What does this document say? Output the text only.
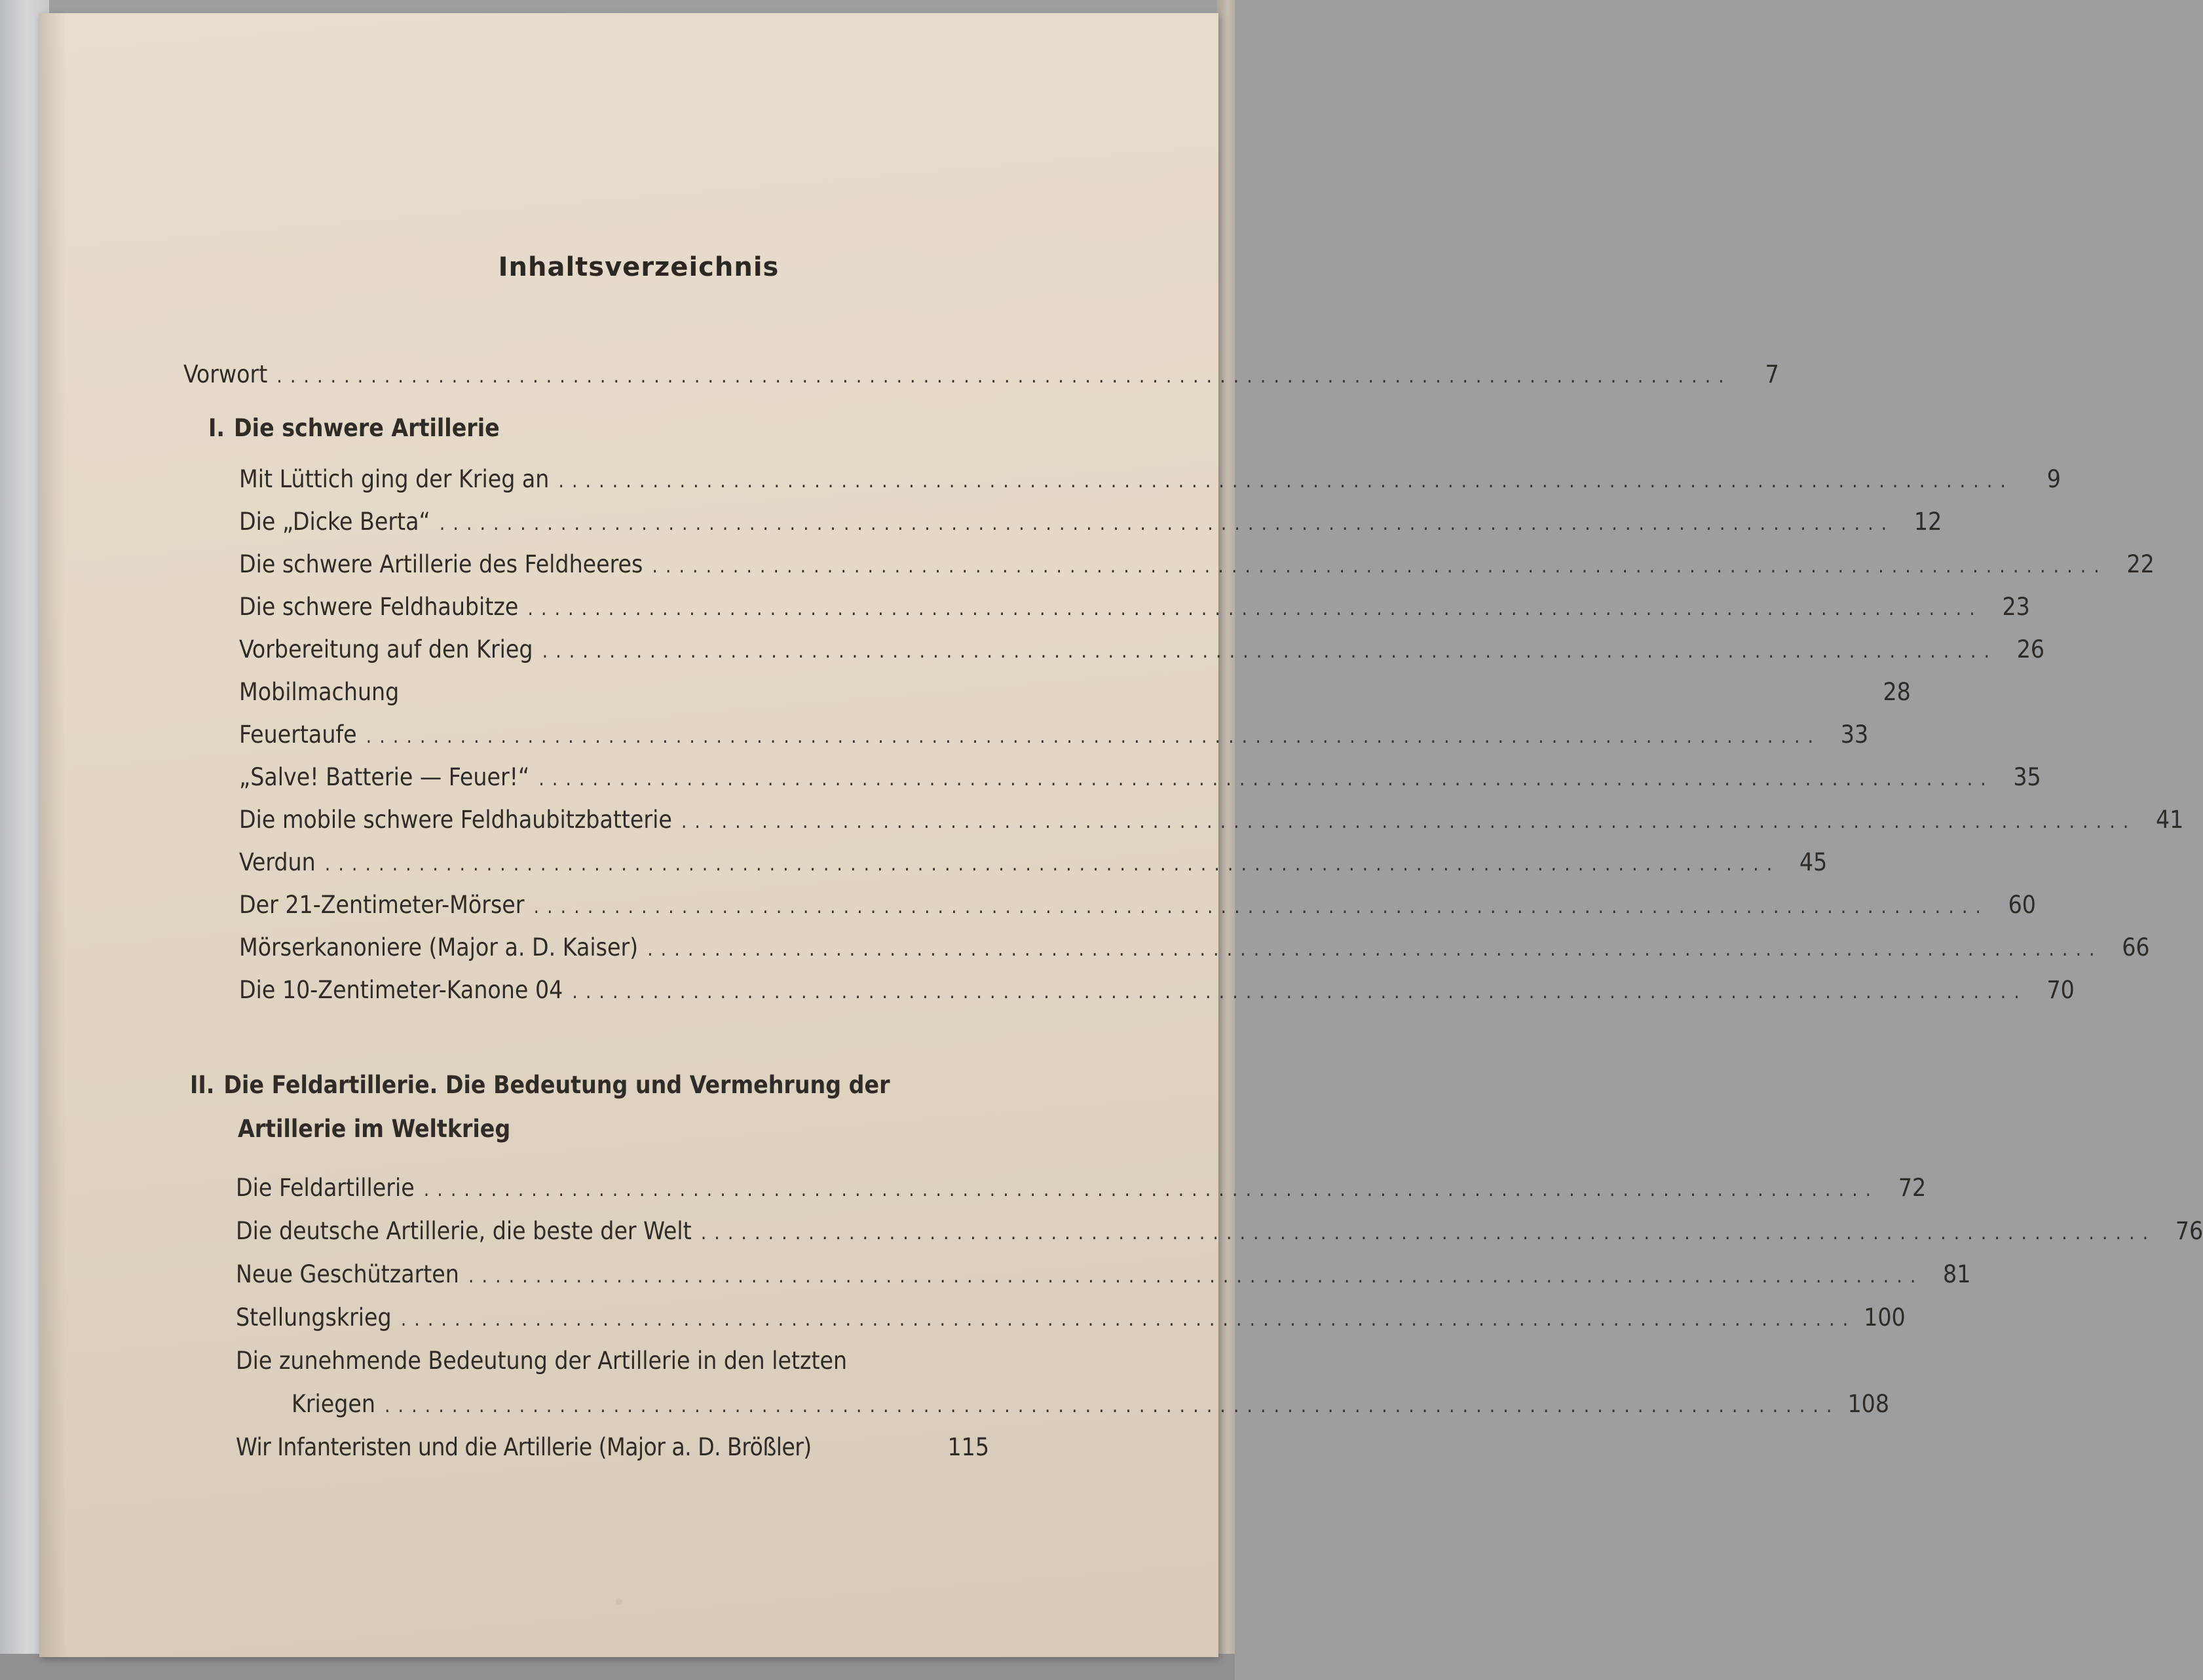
Inhaltsverzeichnis
Vorwort ............................................................................................................	7
I. Die schwere Artillerie
Mit Lüttich ging der Krieg an ............................................................................................................	9
Die „Dicke Berta“ ............................................................................................................ 12
Die schwere Artillerie des Feldheeres ............................................................................................................ 22
Die schwere Feldhaubitze ............................................................................................................ 23
Vorbereitung auf den Krieg ............................................................................................................ 26
Mobilmachung	28
Feuertaufe ............................................................................................................ 33
„Salve! Batterie — Feuer!“ ............................................................................................................ 35
Die mobile schwere Feldhaubitzbatterie ............................................................................................................ 41
Verdun ............................................................................................................ 45
Der 21-Zentimeter-Mörser ............................................................................................................ 60
Mörserkanoniere (Major a. D. Kaiser) ............................................................................................................ 66
Die 10-Zentimeter-Kanone 04 ............................................................................................................ 70
II. Die Feldartillerie. Die Bedeutung und Vermehrung der
Artillerie im Weltkrieg
Die Feldartillerie ............................................................................................................ 72
Die deutsche Artillerie, die beste der Welt ............................................................................................................ 76
Neue Geschützarten ............................................................................................................ 81
Stellungskrieg ............................................................................................................ 100
Die zunehmende Bedeutung der Artillerie in den letzten
Kriegen ............................................................................................................ 108
Wir Infanteristen und die Artillerie (Major a. D. Brößler)	115
